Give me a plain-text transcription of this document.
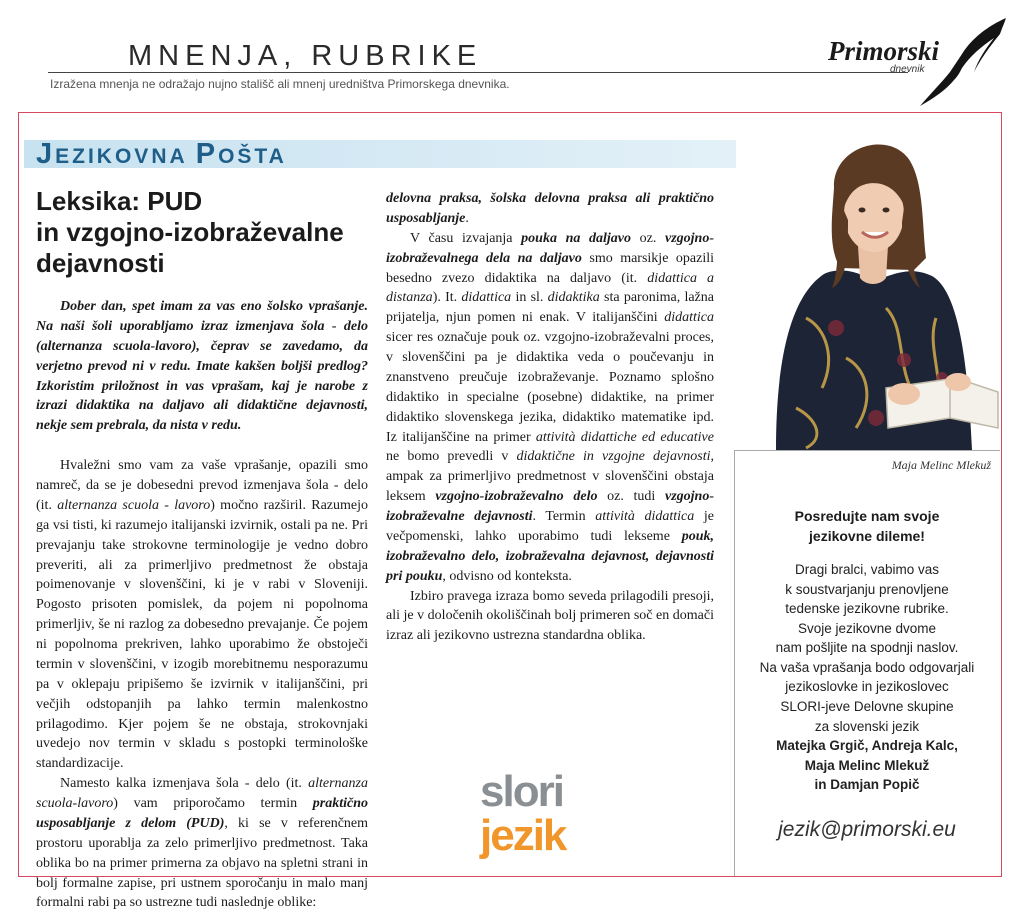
MNENJA, RUBRIKE
Izražena mnenja ne odražajo nujno stališč ali mnenj uredništva Primorskega dnevnika.
Primorski
dnevnik
JEZIKOVNA POŠTA
Leksika: PUD
in vzgojno-izobraževalne
dejavnosti

Dober dan, spet imam za vas eno šolsko vprašanje. Na naši šoli uporabljamo izraz izmenjava šola - delo (alternanza scuola-lavoro), čeprav se zavedamo, da verjetno prevod ni v redu. Imate kakšen boljši predlog? Izkoristim priložnost in vas vprašam, kaj je narobe z izrazi didaktika na daljavo ali didaktične dejavnosti, nekje sem prebrala, da nista v redu.

Hvaležni smo vam za vaše vprašanje, opazili smo namreč, da se je dobesedni prevod izmenjava šola - delo (it. alternanza scuola - lavoro) močno razširil. Razumejo ga vsi tisti, ki razumejo italijanski izvirnik, ostali pa ne. Pri prevajanju take strokovne terminologije je vedno dobro preveriti, ali za primerljivo predmetnost že obstaja poimenovanje v slovenščini, ki je v rabi v Sloveniji. Pogosto prisoten pomislek, da pojem ni popolnoma primerljiv, še ni razlog za dobesedno prevajanje. Če pojem ni popolnoma prekriven, lahko uporabimo že obstoječi termin v slovenščini, v izogib morebitnemu nesporazumu pa v oklepaju pripišemo še izvirnik v italijanščini, pri večjih odstopanjih pa lahko termin malenkostno prilagodimo. Kjer pojem še ne obstaja, strokovnjaki uvedejo nov termin v skladu s postopki terminološke standardizacije.

Namesto kalka izmenjava šola - delo (it. alternanza scuola-lavoro) vam priporočamo termin praktično usposabljanje z delom (PUD), ki se v referenčnem prostoru uporablja za zelo primerljivo predmetnost. Taka oblika bo na primer primerna za objavo na spletni strani in bolj formalne zapise, pri ustnem sporočanju in malo manj formalni rabi pa so ustrezne tudi naslednje oblike:

delovna praksa, šolska delovna praksa ali praktično usposabljanje.

V času izvajanja pouka na daljavo oz. vzgojno-izobraževalnega dela na daljavo smo marsikje opazili besedno zvezo didaktika na daljavo (it. didattica a distanza). It. didattica in sl. didaktika sta paronima, lažna prijatelja, njun pomen ni enak. V italijanščini didattica sicer res označuje pouk oz. vzgojno-izobraževalni proces, v slovenščini pa je didaktika veda o poučevanju in znanstveno preučuje izobraževanje. Poznamo splošno didaktiko in specialne (posebne) didaktike, na primer didaktiko slovenskega jezika, didaktiko matematike ipd. Iz italijanščine na primer attività didattiche ed educative ne bomo prevedli v didaktične in vzgojne dejavnosti, ampak za primerljivo predmetnost v slovenščini obstaja leksem vzgojno-izobraževalno delo oz. tudi vzgojno-izobraževalne dejavnosti. Termin attività didattica je večpomenski, lahko uporabimo tudi lekseme pouk, izobraževalno delo, izobraževalna dejavnost, dejavnosti pri pouku, odvisno od konteksta.

Izbiro pravega izraza bomo seveda prilagodili presoji, ali je v določenih okoliščinah bolj primeren soč en domači izraz ali jezikovno ustrezna standardna oblika.

Maja Melinc Mlekuž
Posredujte nam svoje
jezikovne dileme!
Dragi bralci, vabimo vas
k soustvarjanju prenovljene
tedenske jezikovne rubrike.
Svoje jezikovne dvome
nam pošljite na spodnji naslov.
Na vaša vprašanja bodo odgovarjali
jezikoslovke in jezikoslovec
SLORI-jeve Delovne skupine
za slovenski jezik
Matejka Grgič, Andreja Kalc,
Maja Melinc Mlekuž
in Damjan Popič
jezik@primorski.eu
slori
jezik
